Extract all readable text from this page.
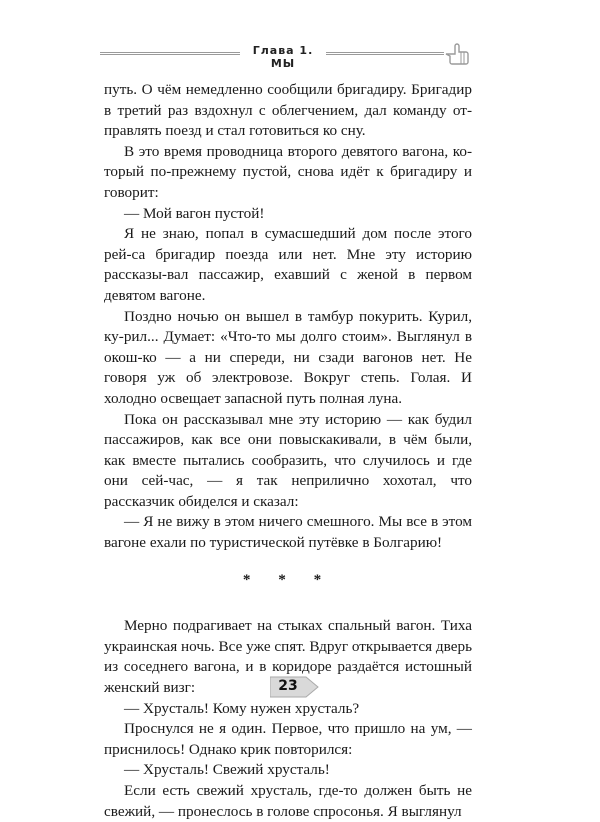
Глава 1. МЫ

путь. О чём немедленно сообщили бригадиру. Бригадир в третий раз вздохнул с облегчением, дал команду от-правлять поезд и стал готовиться ко сну.

В это время проводница второго девятого вагона, ко-торый по-прежнему пустой, снова идёт к бригадиру и говорит:

— Мой вагон пустой!

Я не знаю, попал в сумасшедший дом после этого рей-са бригадир поезда или нет. Мне эту историю рассказы-вал пассажир, ехавший с женой в первом девятом вагоне.

Поздно ночью он вышел в тамбур покурить. Курил, ку-рил... Думает: «Что-то мы долго стоим». Выглянул в окош-ко — а ни спереди, ни сзади вагонов нет. Не говоря уж об электровозе. Вокруг степь. Голая. И холодно освещает запасной путь полная луна.

Пока он рассказывал мне эту историю — как будил пассажиров, как все они повыскакивали, в чём были, как вместе пытались сообразить, что случилось и где они сей-час, — я так неприлично хохотал, что рассказчик обиделся и сказал:

— Я не вижу в этом ничего смешного. Мы все в этом вагоне ехали по туристической путёвке в Болгарию!

* * *

Мерно подрагивает на стыках спальный вагон. Тиха украинская ночь. Все уже спят. Вдруг открывается дверь из соседнего вагона, и в коридоре раздаётся истошный женский визг:

— Хрусталь! Кому нужен хрусталь?

Проснулся не я один. Первое, что пришло на ум, — приснилось! Однако крик повторился:

— Хрусталь! Свежий хрусталь!

Если есть свежий хрусталь, где-то должен быть не свежий, — пронеслось в голове спросонья. Я выглянул

23
